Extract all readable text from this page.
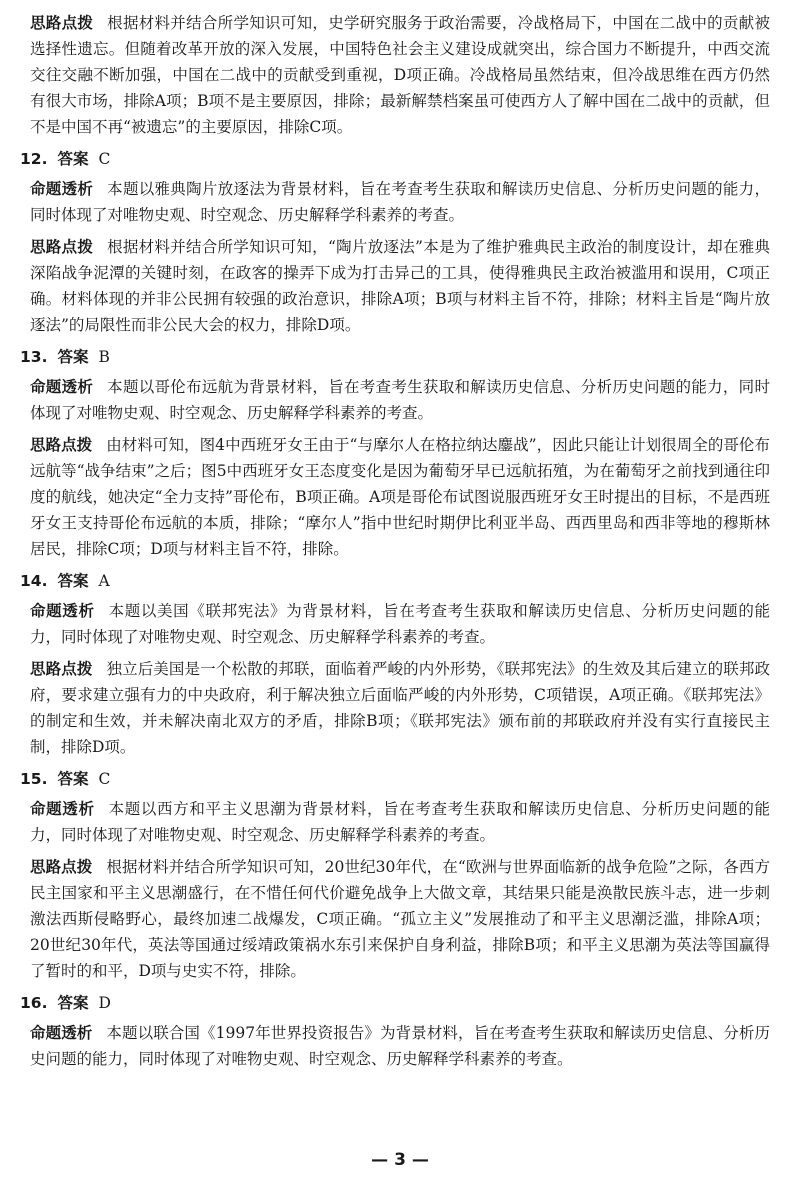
思路点拨 根据材料并结合所学知识可知，史学研究服务于政治需要，冷战格局下，中国在二战中的贡献被选择性遗忘。但随着改革开放的深入发展，中国特色社会主义建设成就突出，综合国力不断提升，中西交流交往交融不断加强，中国在二战中的贡献受到重视，D项正确。冷战格局虽然结束，但冷战思维在西方仍然有很大市场，排除A项；B项不是主要原因，排除；最新解禁档案虽可使西方人了解中国在二战中的贡献，但不是中国不再“被遗忘”的主要原因，排除C项。

12. 答案 C

命题透析 本题以雅典陶片放逐法为背景材料，旨在考查考生获取和解读历史信息、分析历史问题的能力，同时体现了对唯物史观、时空观念、历史解释学科素养的考查。

思路点拨 根据材料并结合所学知识可知，“陶片放逐法”本是为了维护雅典民主政治的制度设计，却在雅典深陷战争泥潭的关键时刻，在政客的操弄下成为打击异己的工具，使得雅典民主政治被滥用和误用，C项正确。材料体现的并非公民拥有较强的政治意识，排除A项；B项与材料主旨不符，排除；材料主旨是“陶片放逐法”的局限性而非公民大会的权力，排除D项。

13. 答案 B

命题透析 本题以哥伦布远航为背景材料，旨在考查考生获取和解读历史信息、分析历史问题的能力，同时体现了对唯物史观、时空观念、历史解释学科素养的考查。

思路点拨 由材料可知，图4中西班牙女王由于“与摩尔人在格拉纳达鏖战”，因此只能让计划很周全的哥伦布远航等“战争结束”之后；图5中西班牙女王态度变化是因为葡萄牙早已远航拓殖，为在葡萄牙之前找到通往印度的航线，她决定“全力支持”哥伦布，B项正确。A项是哥伦布试图说服西班牙女王时提出的目标，不是西班牙女王支持哥伦布远航的本质，排除；“摩尔人”指中世纪时期伊比利亚半岛、西西里岛和西非等地的穆斯林居民，排除C项；D项与材料主旨不符，排除。

14. 答案 A

命题透析 本题以美国《联邦宪法》为背景材料，旨在考查考生获取和解读历史信息、分析历史问题的能力，同时体现了对唯物史观、时空观念、历史解释学科素养的考查。

思路点拨 独立后美国是一个松散的邦联，面临着严峻的内外形势，《联邦宪法》的生效及其后建立的联邦政府，要求建立强有力的中央政府，利于解决独立后面临严峻的内外形势，C项错误，A项正确。《联邦宪法》的制定和生效，并未解决南北双方的矛盾，排除B项；《联邦宪法》颁布前的邦联政府并没有实行直接民主制，排除D项。

15. 答案 C

命题透析 本题以西方和平主义思潮为背景材料，旨在考查考生获取和解读历史信息、分析历史问题的能力，同时体现了对唯物史观、时空观念、历史解释学科素养的考查。

思路点拨 根据材料并结合所学知识可知，20世纪30年代，在“欧洲与世界面临新的战争危险”之际，各西方民主国家和平主义思潮盛行，在不惜任何代价避免战争上大做文章，其结果只能是涣散民族斗志，进一步刺激法西斯侵略野心，最终加速二战爆发，C项正确。“孤立主义”发展推动了和平主义思潮泛滥，排除A项；20世纪30年代，英法等国通过绥靖政策祸水东引来保护自身利益，排除B项；和平主义思潮为英法等国赢得了暂时的和平，D项与史实不符，排除。

16. 答案 D

命题透析 本题以联合国《1997年世界投资报告》为背景材料，旨在考查考生获取和解读历史信息、分析历史问题的能力，同时体现了对唯物史观、时空观念、历史解释学科素养的考查。

— 3 —
